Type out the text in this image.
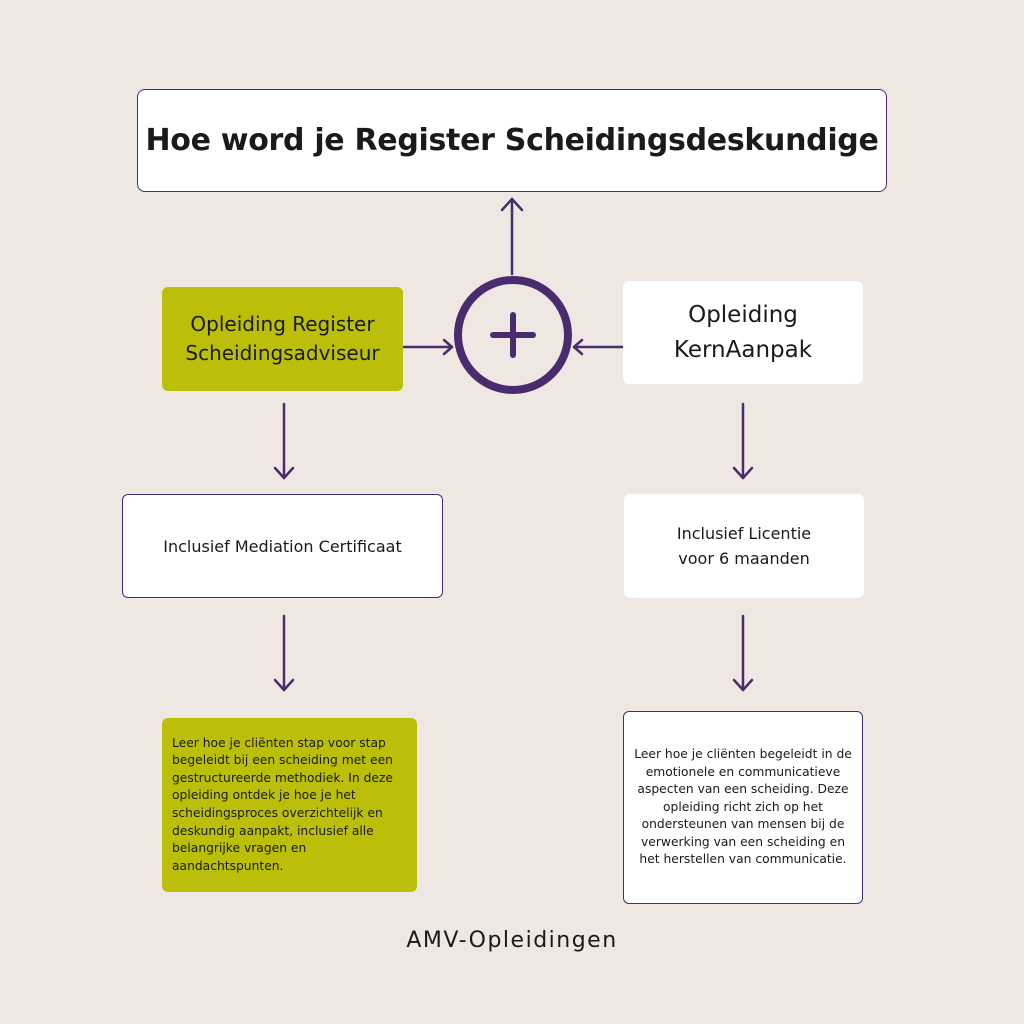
Hoe word je Register Scheidingsdeskundige
Opleiding Register Scheidingsadviseur
Opleiding KernAanpak
Inclusief Mediation Certificaat
Inclusief Licentie voor 6 maanden
Leer hoe je cliënten stap voor stap begeleidt bij een scheiding met een gestructureerde methodiek. In deze opleiding ontdek je hoe je het scheidingsproces overzichtelijk en deskundig aanpakt, inclusief alle belangrijke vragen en aandachtspunten.
Leer hoe je cliënten begeleidt in de emotionele en communicatieve aspecten van een scheiding. Deze opleiding richt zich op het ondersteunen van mensen bij de verwerking van een scheiding en het herstellen van communicatie.
AMV-Opleidingen
